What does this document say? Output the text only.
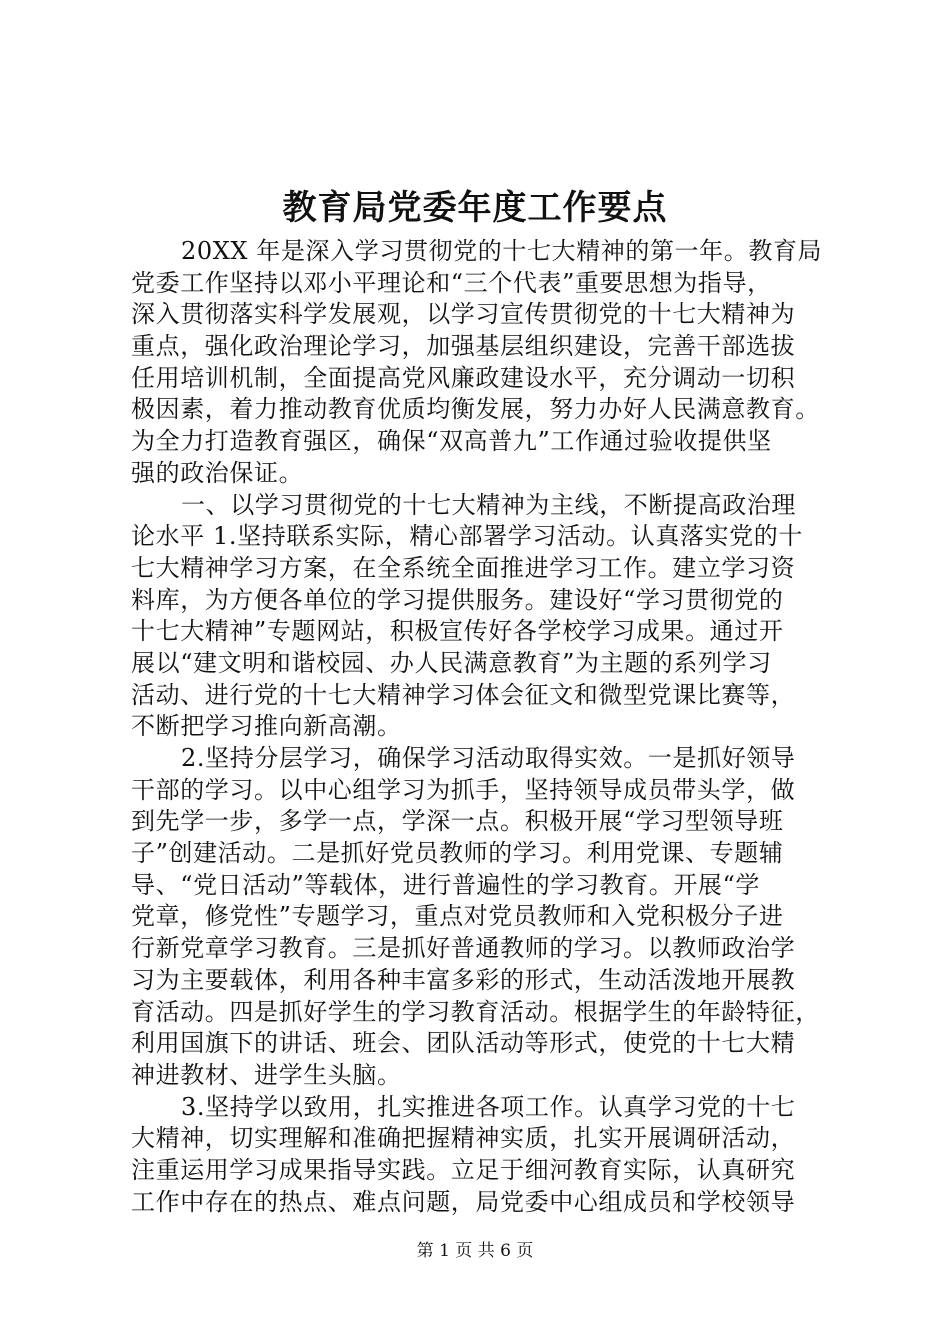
教育局党委年度工作要点
20XX 年是深入学习贯彻党的十七大精神的第一年。教育局
党委工作坚持以邓小平理论和“三个代表”重要思想为指导，
深入贯彻落实科学发展观，以学习宣传贯彻党的十七大精神为
重点，强化政治理论学习，加强基层组织建设，完善干部选拔
任用培训机制，全面提高党风廉政建设水平，充分调动一切积
极因素，着力推动教育优质均衡发展，努力办好人民满意教育。
为全力打造教育强区，确保“双高普九”工作通过验收提供坚
强的政治保证。
一、以学习贯彻党的十七大精神为主线，不断提高政治理
论水平 1.坚持联系实际，精心部署学习活动。认真落实党的十
七大精神学习方案，在全系统全面推进学习工作。建立学习资
料库，为方便各单位的学习提供服务。建设好“学习贯彻党的
十七大精神”专题网站，积极宣传好各学校学习成果。通过开
展以“建文明和谐校园、办人民满意教育”为主题的系列学习
活动、进行党的十七大精神学习体会征文和微型党课比赛等，
不断把学习推向新高潮。
2.坚持分层学习，确保学习活动取得实效。一是抓好领导
干部的学习。以中心组学习为抓手，坚持领导成员带头学，做
到先学一步，多学一点，学深一点。积极开展“学习型领导班
子”创建活动。二是抓好党员教师的学习。利用党课、专题辅
导、“党日活动”等载体，进行普遍性的学习教育。开展“学
党章，修党性”专题学习，重点对党员教师和入党积极分子进
行新党章学习教育。三是抓好普通教师的学习。以教师政治学
习为主要载体，利用各种丰富多彩的形式，生动活泼地开展教
育活动。四是抓好学生的学习教育活动。根据学生的年龄特征，
利用国旗下的讲话、班会、团队活动等形式，使党的十七大精
神进教材、进学生头脑。
3.坚持学以致用，扎实推进各项工作。认真学习党的十七
大精神，切实理解和准确把握精神实质，扎实开展调研活动，
注重运用学习成果指导实践。立足于细河教育实际，认真研究
工作中存在的热点、难点问题，局党委中心组成员和学校领导
第 1 页 共 6 页
